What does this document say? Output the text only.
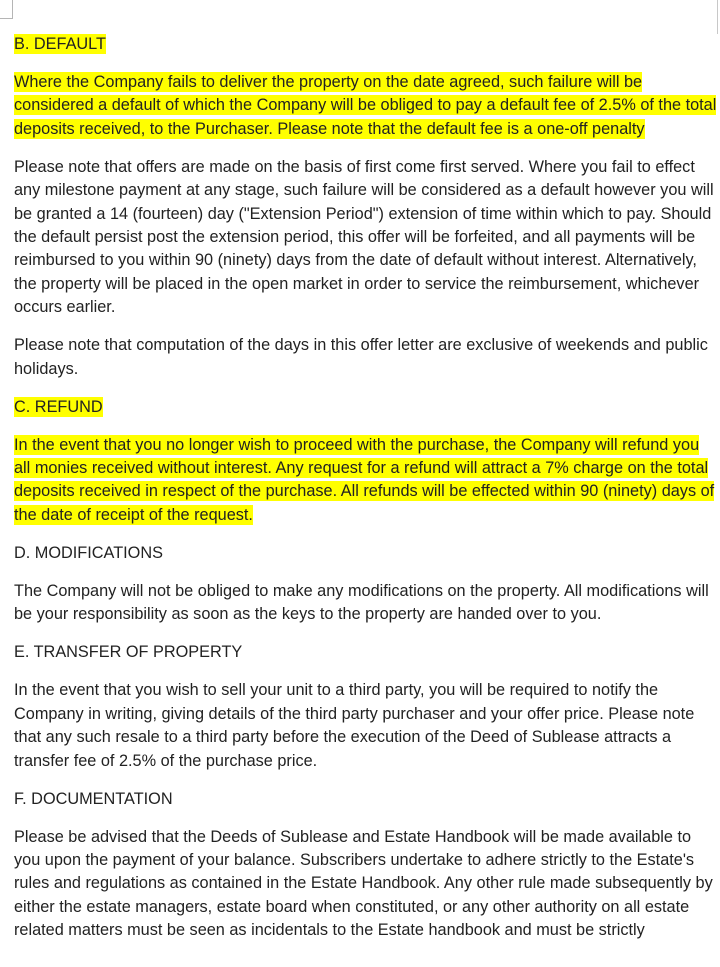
B. DEFAULT
Where the Company fails to deliver the property on the date agreed, such failure will be considered a default of which the Company will be obliged to pay a default fee of 2.5% of the total deposits received, to the Purchaser. Please note that the default fee is a one-off penalty
Please note that offers are made on the basis of first come first served. Where you fail to effect any milestone payment at any stage, such failure will be considered as a default however you will be granted a 14 (fourteen) day ("Extension Period") extension of time within which to pay. Should the default persist post the extension period, this offer will be forfeited, and all payments will be reimbursed to you within 90 (ninety) days from the date of default without interest. Alternatively, the property will be placed in the open market in order to service the reimbursement, whichever occurs earlier.
Please note that computation of the days in this offer letter are exclusive of weekends and public holidays.
C. REFUND
In the event that you no longer wish to proceed with the purchase, the Company will refund you all monies received without interest. Any request for a refund will attract a 7% charge on the total deposits received in respect of the purchase. All refunds will be effected within 90 (ninety) days of the date of receipt of the request.
D. MODIFICATIONS
The Company will not be obliged to make any modifications on the property. All modifications will be your responsibility as soon as the keys to the property are handed over to you.
E. TRANSFER OF PROPERTY
In the event that you wish to sell your unit to a third party, you will be required to notify the Company in writing, giving details of the third party purchaser and your offer price. Please note that any such resale to a third party before the execution of the Deed of Sublease attracts a transfer fee of 2.5% of the purchase price.
F. DOCUMENTATION
Please be advised that the Deeds of Sublease and Estate Handbook will be made available to you upon the payment of your balance. Subscribers undertake to adhere strictly to the Estate's rules and regulations as contained in the Estate Handbook. Any other rule made subsequently by either the estate managers, estate board when constituted, or any other authority on all estate related matters must be seen as incidentals to the Estate handbook and must be strictly
